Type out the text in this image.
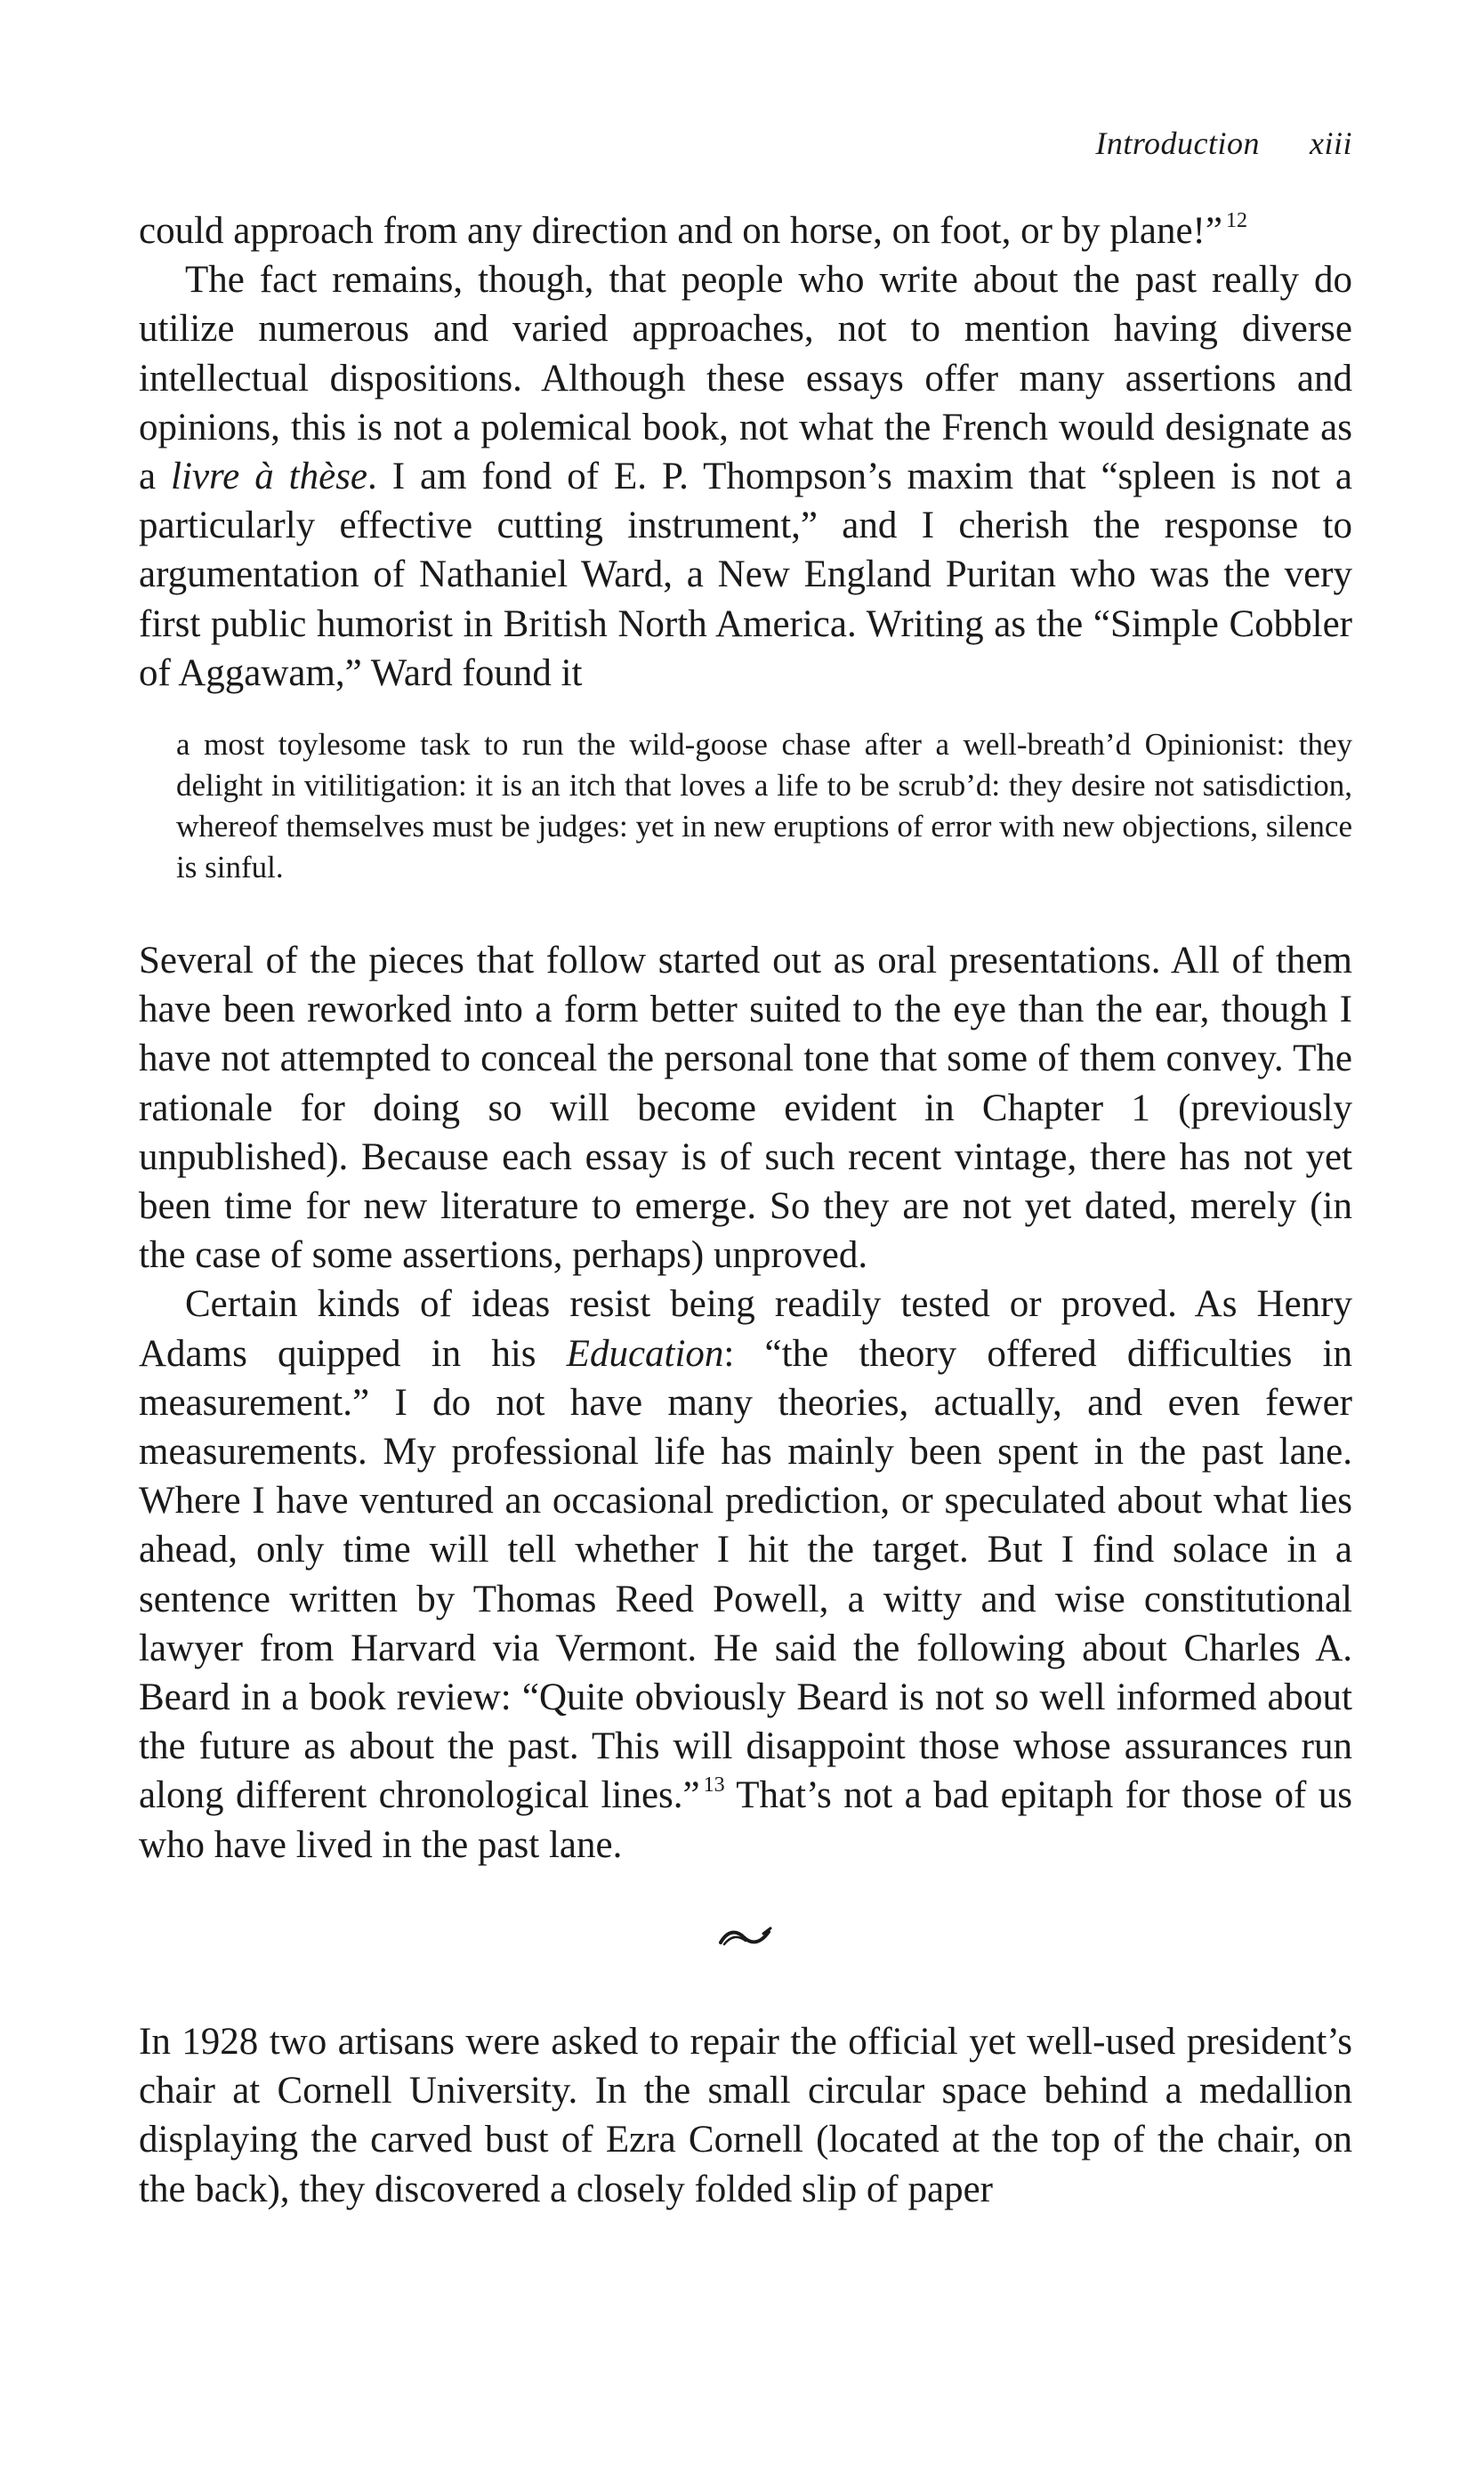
Introduction xiii

could approach from any direction and on horse, on foot, or by plane!” $^{12}$

The fact remains, though, that people who write about the past really do utilize numerous and varied approaches, not to mention having diverse intellectual dispositions. Although these essays offer many assertions and opinions, this is not a polemical book, not what the French would designate as a livre à thèse. I am fond of E. P. Thompson’s maxim that “spleen is not a particularly effective cutting instrument,” and I cherish the response to argumentation of Nathaniel Ward, a New England Puritan who was the very first public humorist in British North America. Writing as the “Simple Cobbler of Aggawam,” Ward found it

a most toylesome task to run the wild-goose chase after a well-breath’d Opinionist: they delight in vitilitigation: it is an itch that loves a life to be scrub’d: they desire not satisdiction, whereof themselves must be judges: yet in new eruptions of error with new objections, silence is sinful.

Several of the pieces that follow started out as oral presentations. All of them have been reworked into a form better suited to the eye than the ear, though I have not attempted to conceal the personal tone that some of them convey. The rationale for doing so will become evident in Chapter 1 (previously unpublished). Because each essay is of such recent vintage, there has not yet been time for new literature to emerge. So they are not yet dated, merely (in the case of some assertions, perhaps) unproved.

Certain kinds of ideas resist being readily tested or proved. As Henry Adams quipped in his Education: “the theory offered difficulties in measurement.” I do not have many theories, actually, and even fewer measurements. My professional life has mainly been spent in the past lane. Where I have ventured an occasional prediction, or speculated about what lies ahead, only time will tell whether I hit the target. But I find solace in a sentence written by Thomas Reed Powell, a witty and wise constitutional lawyer from Harvard via Vermont. He said the following about Charles A. Beard in a book review: “Quite obviously Beard is not so well informed about the future as about the past. This will disappoint those whose assurances run along different chronological lines.” $^{13}$ That’s not a bad epitaph for those of us who have lived in the past lane.

In 1928 two artisans were asked to repair the official yet well-used president’s chair at Cornell University. In the small circular space behind a medallion displaying the carved bust of Ezra Cornell (located at the top of the chair, on the back), they discovered a closely folded slip of paper
